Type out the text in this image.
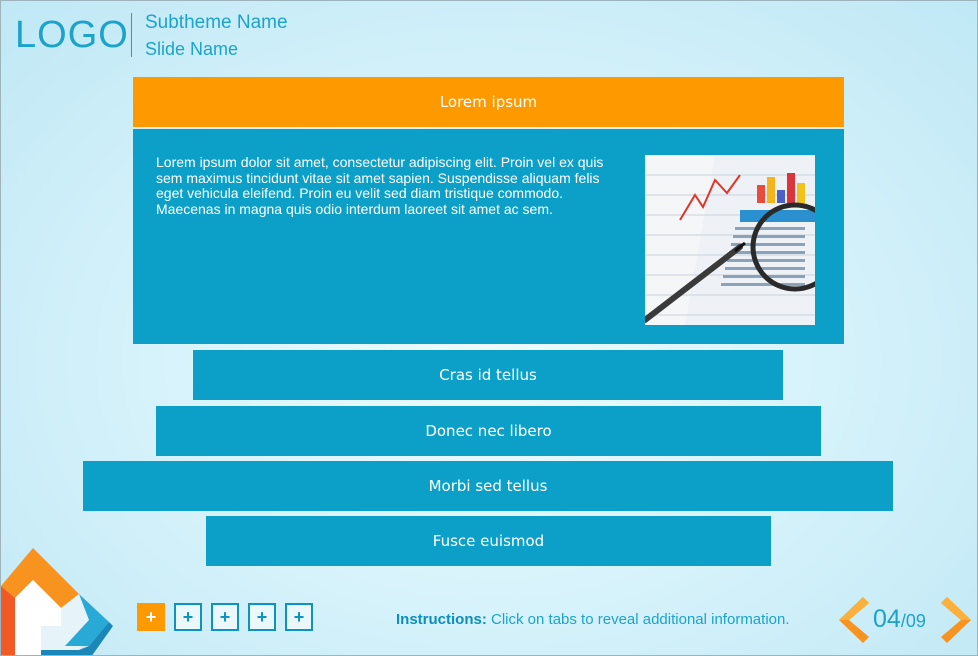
LOGO Subtheme Name
Slide Name
Lorem ipsum
Lorem ipsum dolor sit amet, consectetur adipiscing elit. Proin vel ex quis sem maximus tincidunt vitae sit amet sapien. Suspendisse aliquam felis eget vehicula eleifend. Proin eu velit sed diam tristique commodo. Maecenas in magna quis odio interdum laoreet sit amet ac sem.
Cras id tellus
Donec nec libero
Morbi sed tellus
Fusce euismod
+	+	+	+	+	Instructions: Click on tabs to reveal additional information.	04/09
